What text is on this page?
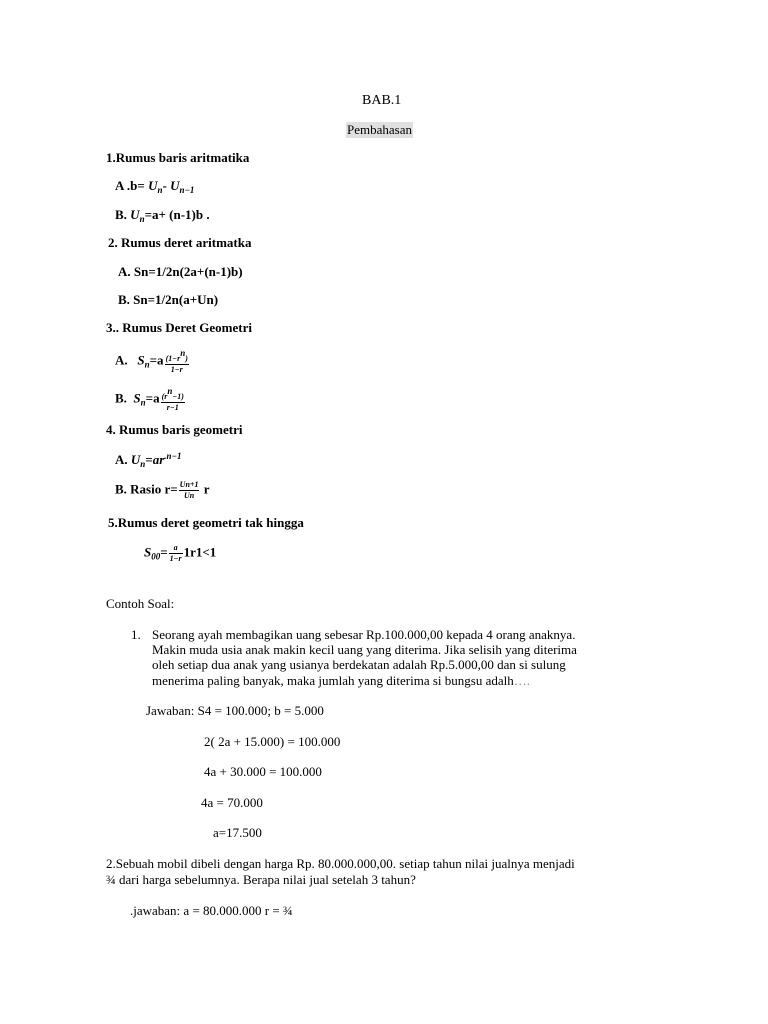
BAB.1
Pembahasan
1.Rumus baris aritmatika
A $.b= U_n-$ $U_{n-1}$
B. $U_n=a+ (n-1)b$ .
2. Rumus deret aritmatka
A. Sn=1/2n(2a+(n-1)b)
B. Sn=1/2n(a+Un)
3.. Rumus Deret Geometri
A. $S_n=a \frac{(1-r^n)}{1-r}$
B. $S_n=a \frac{(r^n-1)}{r-1}$
4. Rumus baris geometri
A. $U_n=ar^{.n-1}$
B. Rasio $r= \frac{Un+1}{Un}$ r
5.Rumus deret geometri tak hingga
$S_{00}= \frac{a}{1-r} 1r1<1$
Contoh Soal:
1. Seorang ayah membagikan uang sebesar Rp.100.000,00 kepada 4 orang anaknya.
Makin muda usia anak makin kecil uang yang diterima. Jika selisih yang diterima
oleh setiap dua anak yang usianya berdekatan adalah Rp.5.000,00 dan si sulung
menerima paling banyak, maka jumlah yang diterima si bungsu adalh….
Jawaban: S4 = 100.000; b = 5.000
2( 2a + 15.000) = 100.000
4a + 30.000 = 100.000
4a = 70.000
a=17.500
2.Sebuah mobil dibeli dengan harga Rp. 80.000.000,00. setiap tahun nilai jualnya menjadi
¾ dari harga sebelumnya. Berapa nilai jual setelah 3 tahun?
.jawaban: a = 80.000.000 r = ¾
